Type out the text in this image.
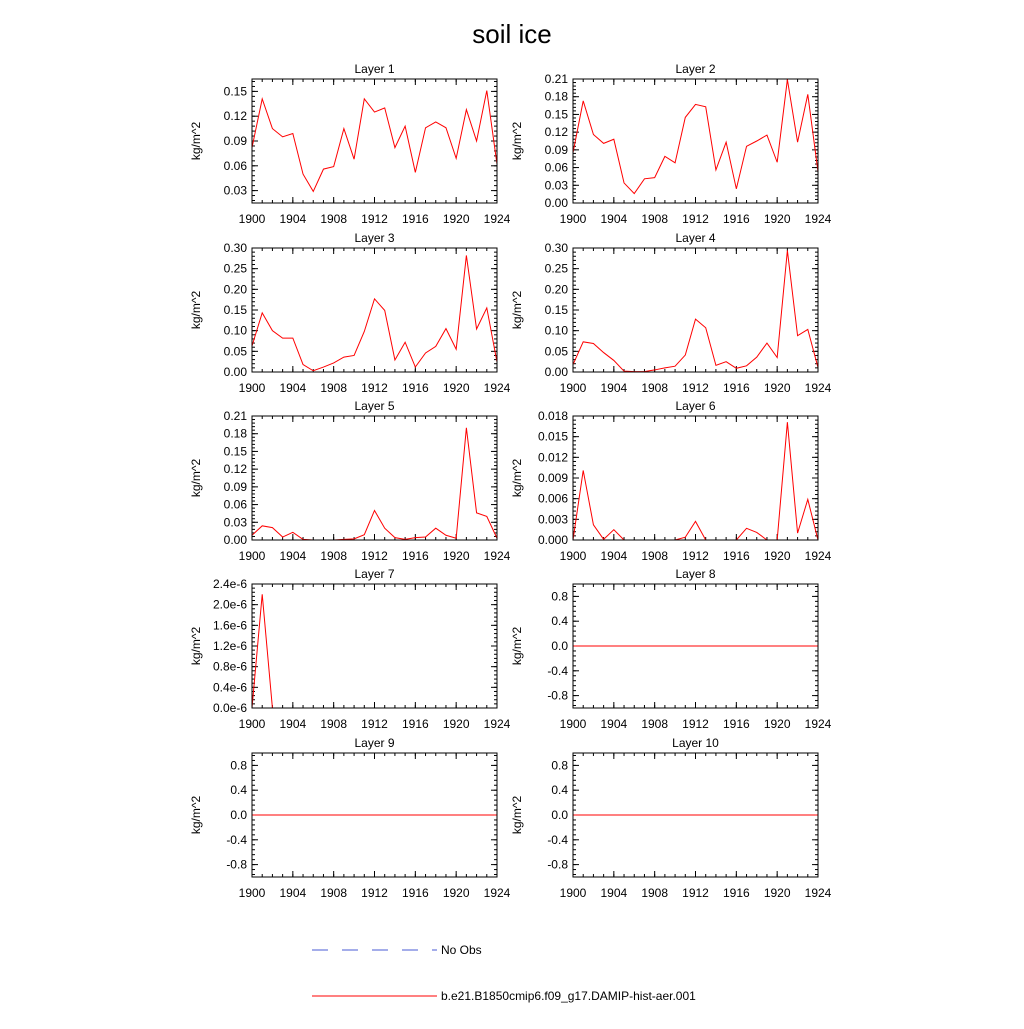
soil ice
Layer 1
kg/m^2
1900 1904 1908 1912 1916 1920 1924
0.03
0.06
0.09
0.12
0.15
Layer 2
kg/m^2
1900 1904 1908 1912 1916 1920 1924
0.00
0.03
0.06
0.09
0.12
0.15
0.18
0.21
Layer 3
kg/m^2
1900 1904 1908 1912 1916 1920 1924
0.00
0.05
0.10
0.15
0.20
0.25
0.30
Layer 4
kg/m^2
1900 1904 1908 1912 1916 1920 1924
0.00
0.05
0.10
0.15
0.20
0.25
0.30
Layer 5
kg/m^2
1900 1904 1908 1912 1916 1920 1924
0.00
0.03
0.06
0.09
0.12
0.15
0.18
0.21
Layer 6
kg/m^2
1900 1904 1908 1912 1916 1920 1924
0.000
0.003
0.006
0.009
0.012
0.015
0.018
Layer 7
kg/m^2
1900 1904 1908 1912 1916 1920 1924
0.0e-6
0.4e-6
0.8e-6
1.2e-6
1.6e-6
2.0e-6
2.4e-6
Layer 8
kg/m^2
1900 1904 1908 1912 1916 1920 1924
-0.8
-0.4
0.0
0.4
0.8
Layer 9
kg/m^2
1900 1904 1908 1912 1916 1920 1924
-0.8
-0.4
0.0
0.4
0.8
Layer 10
kg/m^2
1900 1904 1908 1912 1916 1920 1924
-0.8
-0.4
0.0
0.4
0.8
No Obs
b.e21.B1850cmip6.f09_g17.DAMIP-hist-aer.001
